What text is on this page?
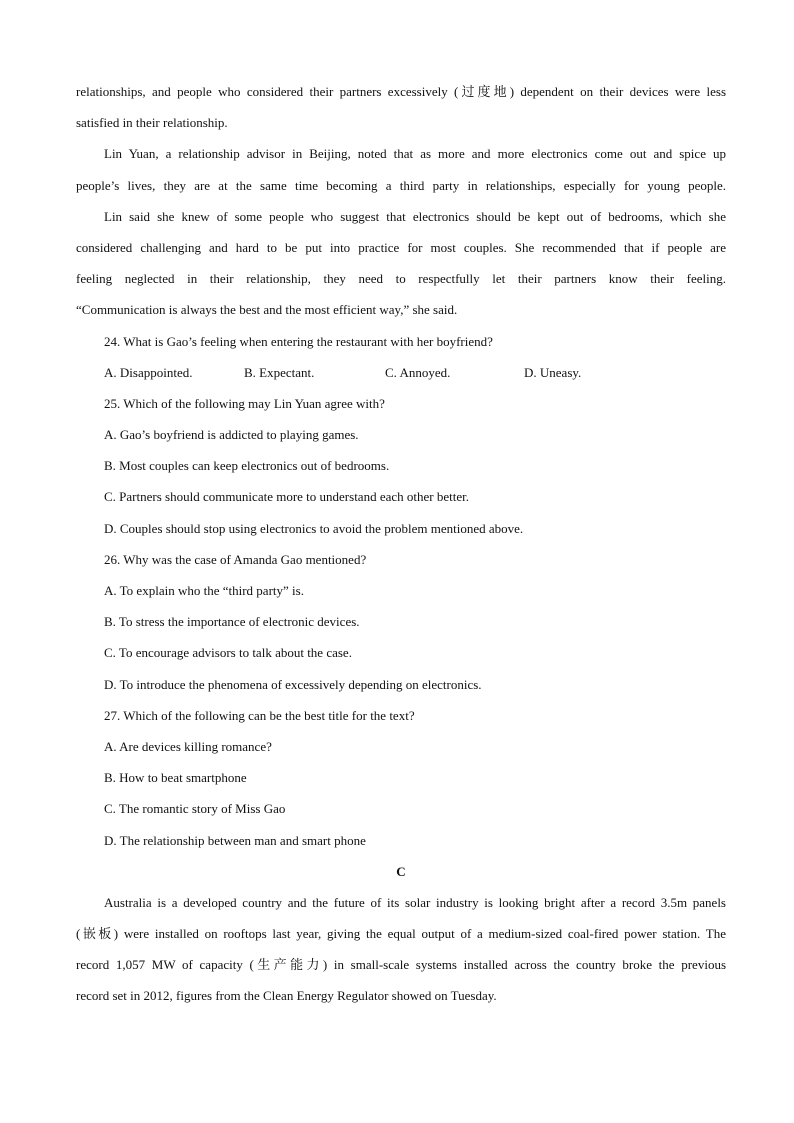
relationships, and people who considered their partners excessively (过度地) dependent on their devices were less
satisfied in their relationship.
Lin Yuan, a relationship advisor in Beijing, noted that as more and more electronics come out and spice up
people’s lives, they are at the same time becoming a third party in relationships, especially for young people.
Lin said she knew of some people who suggest that electronics should be kept out of bedrooms, which she
considered challenging and hard to be put into practice for most couples. She recommended that if people are
feeling neglected in their relationship, they need to respectfully let their partners know their feeling.
“Communication is always the best and the most efficient way,” she said.
24. What is Gao’s feeling when entering the restaurant with her boyfriend?
A. Disappointed.	B. Expectant.	C. Annoyed.	D. Uneasy.
25. Which of the following may Lin Yuan agree with?
A. Gao’s boyfriend is addicted to playing games.
B. Most couples can keep electronics out of bedrooms.
C. Partners should communicate more to understand each other better.
D. Couples should stop using electronics to avoid the problem mentioned above.
26. Why was the case of Amanda Gao mentioned?
A. To explain who the “third party” is.
B. To stress the importance of electronic devices.
C. To encourage advisors to talk about the case.
D. To introduce the phenomena of excessively depending on electronics.
27. Which of the following can be the best title for the text?
A. Are devices killing romance?
B. How to beat smartphone
C. The romantic story of Miss Gao
D. The relationship between man and smart phone
C
Australia is a developed country and the future of its solar industry is looking bright after a record 3.5m panels
(嵌板) were installed on rooftops last year, giving the equal output of a medium-sized coal-fired power station. The
record 1,057 MW of capacity (生产能力) in small-scale systems installed across the country broke the previous
record set in 2012, figures from the Clean Energy Regulator showed on Tuesday.
